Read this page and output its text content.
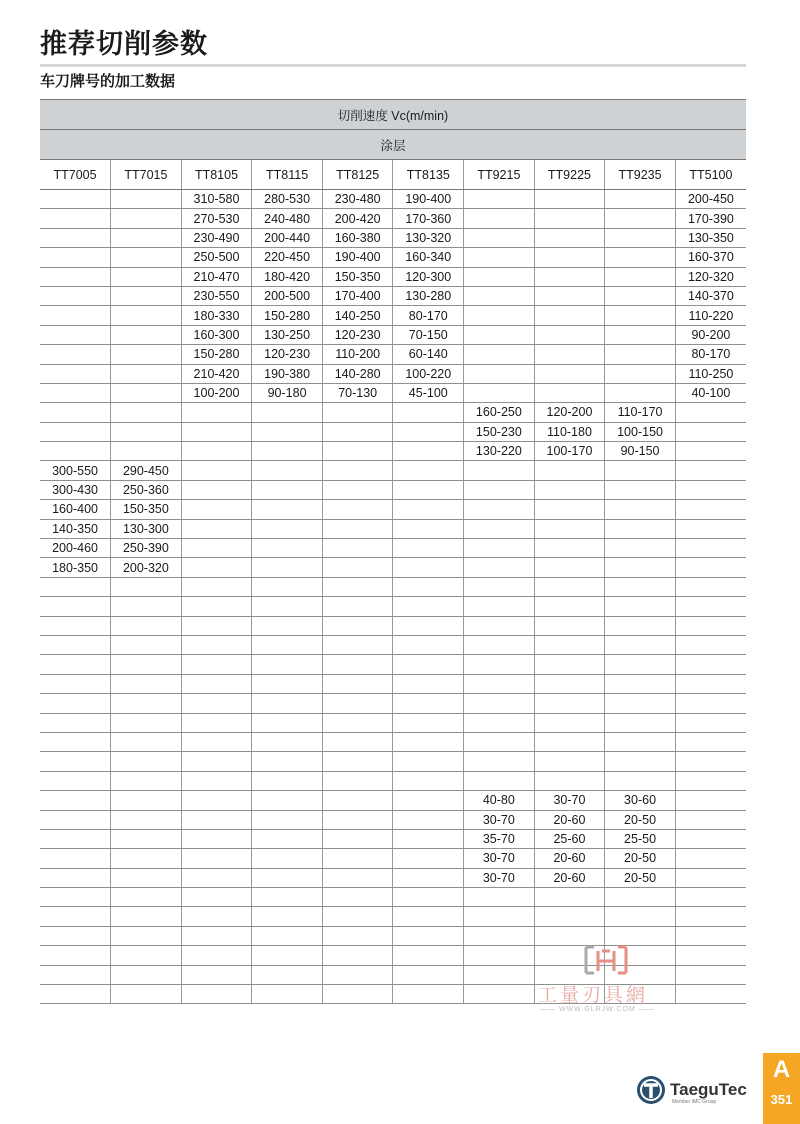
推荐切削参数
车刀牌号的加工数据
切削速度 Vc(m/min)									
涂层									
TT7005	TT7015	TT8105	TT8115	TT8125	TT8135	TT9215	TT9225	TT9235	TT5100
		310-580	280-530	230-480	190-400				200-450
		270-530	240-480	200-420	170-360				170-390
		230-490	200-440	160-380	130-320				130-350
		250-500	220-450	190-400	160-340				160-370
		210-470	180-420	150-350	120-300				120-320
		230-550	200-500	170-400	130-280				140-370
		180-330	150-280	140-250	80-170				110-220
		160-300	130-250	120-230	70-150				90-200
		150-280	120-230	110-200	60-140				80-170
		210-420	190-380	140-280	100-220				110-250
		100-200	90-180	70-130	45-100				40-100
						160-250	120-200	110-170	
						150-230	110-180	100-150	
						130-220	100-170	90-150	
300-550	290-450								
300-430	250-360								
160-400	150-350								
140-350	130-300								
200-460	250-390								
180-350	200-320								

						40-80	30-70	30-60	
						30-70	20-60	20-50	
						35-70	25-60	25-50	
						30-70	20-60	20-50	
						30-70	20-60	20-50	

工量刃具網
—— WWW.GLRJW.COM ——
TaeguTec
Member IMC Group
A
351
